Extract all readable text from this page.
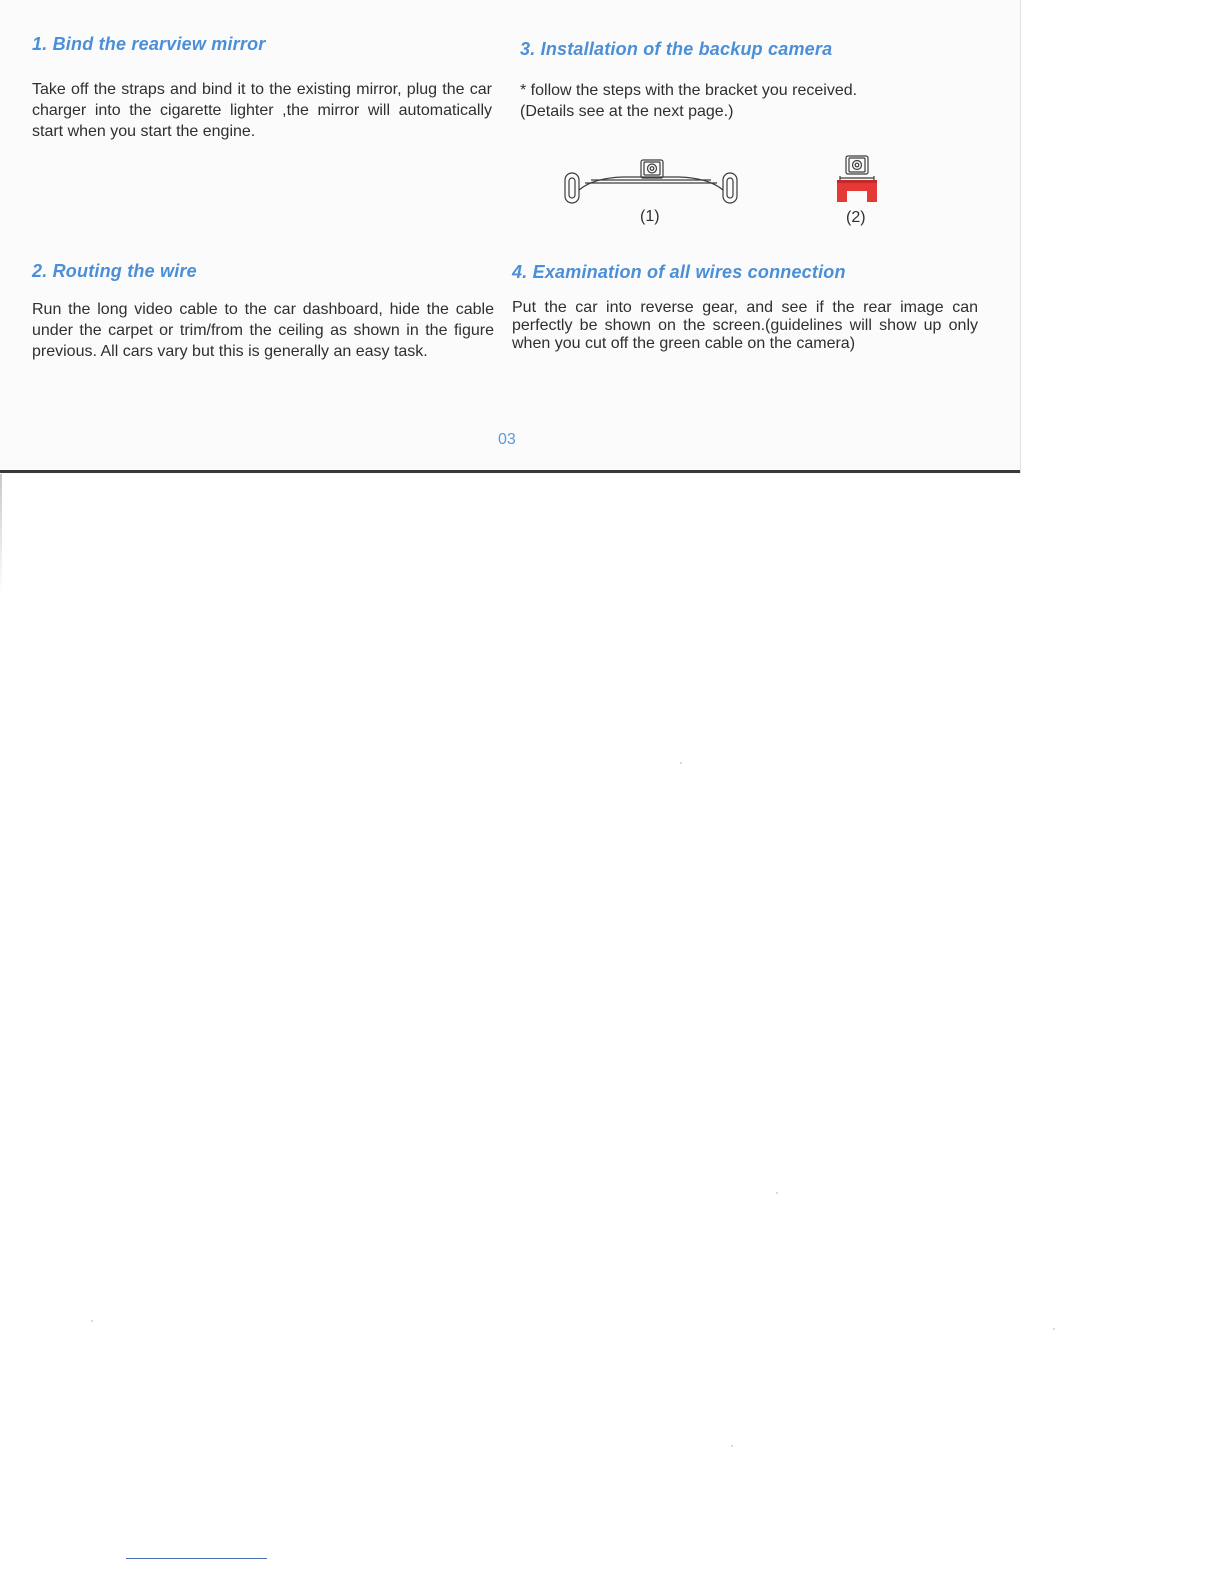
1. Bind the rearview mirror

Take off the straps and bind it to the existing mirror, plug the car charger into the cigarette lighter ,the mirror will automatically start when you start the engine.

2. Routing the wire

Run the long video cable to the car dashboard, hide the cable under the carpet or trim/from the ceiling as shown in the figure previous. All cars vary but this is generally an easy task.

3. Installation of the backup camera

* follow the steps with the bracket you received.
(Details see at the next page.)

4. Examination of all wires connection

Put the car into reverse gear, and see if the rear image can perfectly be shown on the screen.(guidelines will show up only when you cut off the green cable on the camera)

(1)	(2)
03
